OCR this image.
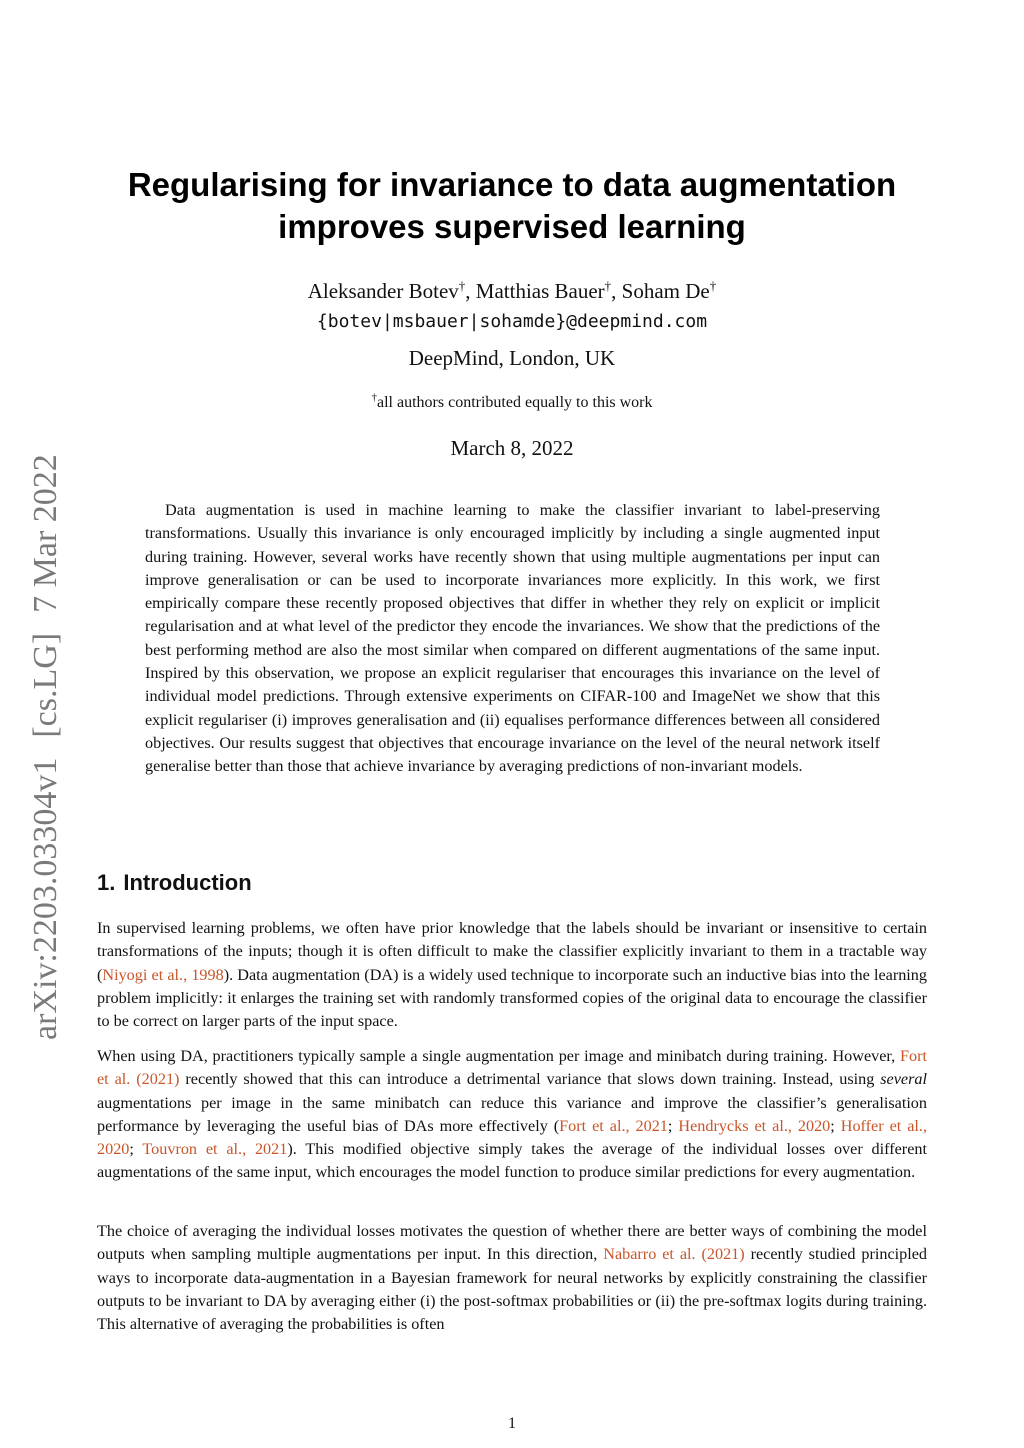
Regularising for invariance to data augmentation
improves supervised learning
Aleksander Botev†, Matthias Bauer†, Soham De†
{botev|msbauer|sohamde}@deepmind.com
DeepMind, London, UK
†all authors contributed equally to this work
March 8, 2022
arXiv:2203.03304v1[cs.LG]7 Mar 2022	Data augmentation is used in machine learning to make the classifier invariant to label-preserving transformations. Usually this invariance is only encouraged implicitly by including a single augmented input during training. However, several works have recently shown that using multiple augmentations per input can improve generalisation or can be used to incorporate invariances more explicitly. In this work, we first empirically compare these recently proposed objectives that differ in whether they rely on explicit or implicit regularisation and at what level of the predictor they encode the invariances. We show that the predictions of the best performing method are also the most similar when compared on different augmentations of the same input. Inspired by this observation, we propose an explicit regulariser that encourages this invariance on the level of individual model predictions. Through extensive experiments on CIFAR-100 and ImageNet we show that this explicit regulariser (i) improves generalisation and (ii) equalises performance differences between all considered objectives. Our results suggest that objectives that encourage invariance on the level of the neural network itself generalise better than those that achieve invariance by averaging predictions of non-invariant models.

1. Introduction

In supervised learning problems, we often have prior knowledge that the labels should be invariant or insensitive to certain transformations of the inputs; though it is often difficult to make the classifier explicitly invariant to them in a tractable way (Niyogi et al., 1998). Data augmentation (DA) is a widely used technique to incorporate such an inductive bias into the learning problem implicitly: it enlarges the training set with randomly transformed copies of the original data to encourage the classifier to be correct on larger parts of the input space.

When using DA, practitioners typically sample a single augmentation per image and minibatch during training. However, Fort et al. (2021) recently showed that this can introduce a detrimental variance that slows down training. Instead, using several augmentations per image in the same minibatch can reduce this variance and improve the classifier’s generalisation performance by leveraging the useful bias of DAs more effectively (Fort et al., 2021; Hendrycks et al., 2020; Hoffer et al., 2020; Touvron et al., 2021). This modified objective simply takes the average of the individual losses over different augmentations of the same input, which encourages the model function to produce similar predictions for every augmentation.

The choice of averaging the individual losses motivates the question of whether there are better ways of combining the model outputs when sampling multiple augmentations per input. In this direction, Nabarro et al. (2021) recently studied principled ways to incorporate data-augmentation in a Bayesian framework for neural networks by explicitly constraining the classifier outputs to be invariant to DA by averaging either (i) the post-softmax probabilities or (ii) the pre-softmax logits during training. This alternative of averaging the probabilities is often

1
